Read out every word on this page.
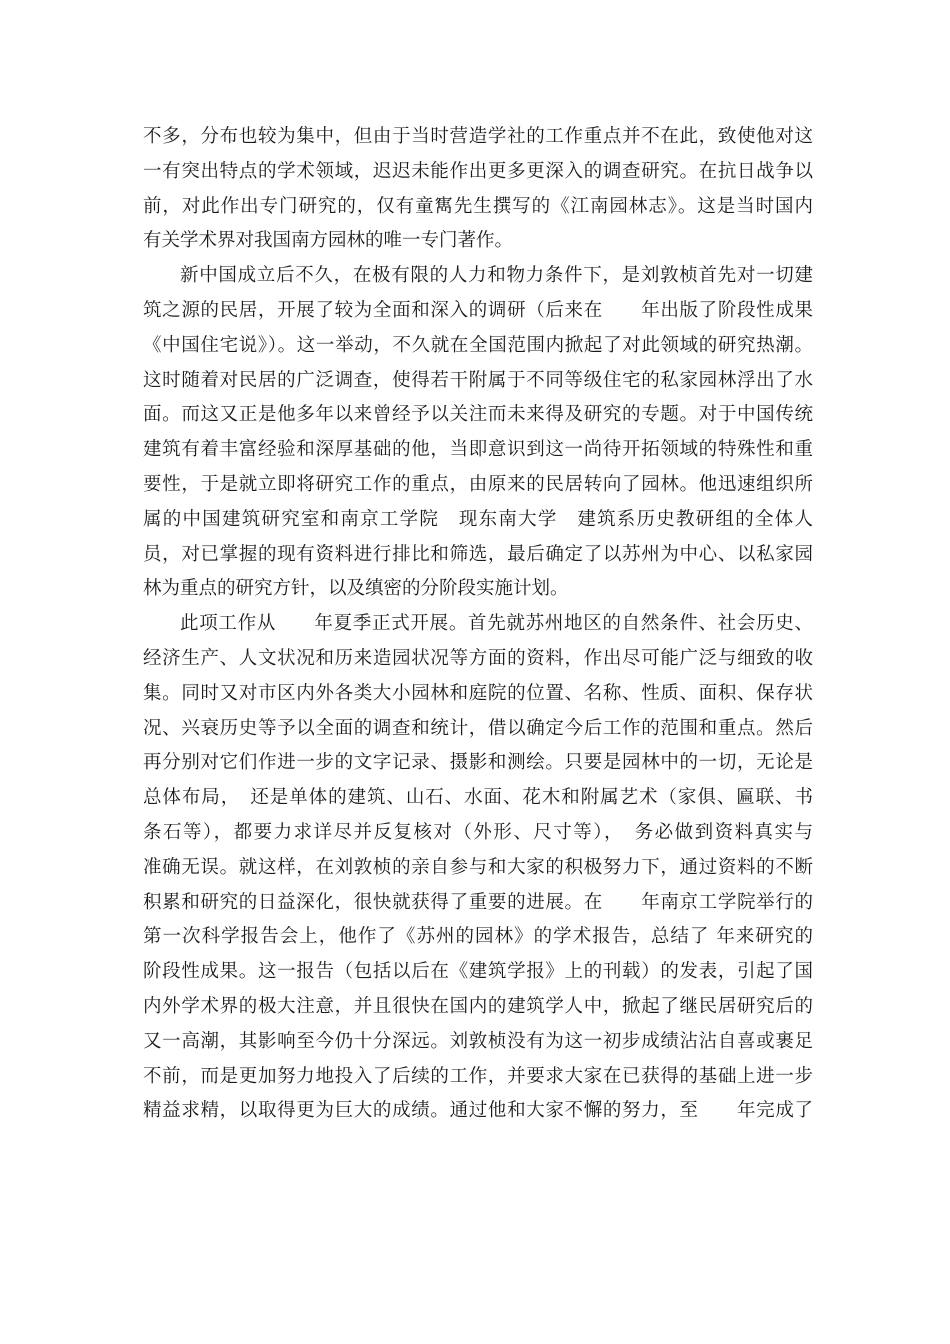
不多，分布也较为集中，但由于当时营造学社的工作重点并不在此，致使他对这
一有突出特点的学术领域，迟迟未能作出更多更深入的调查研究。在抗日战争以
前，对此作出专门研究的，仅有童寯先生撰写的《江南园林志》。这是当时国内
有关学术界对我国南方园林的唯一专门著作。
新中国成立后不久，在极有限的人力和物力条件下，是刘敦桢首先对一切建
筑之源的民居，开展了较为全面和深入的调研（后来在　　年出版了阶段性成果
《中国住宅说》）。这一举动，不久就在全国范围内掀起了对此领域的研究热潮。
这时随着对民居的广泛调查，使得若干附属于不同等级住宅的私家园林浮出了水
面。而这又正是他多年以来曾经予以关注而未来得及研究的专题。对于中国传统
建筑有着丰富经验和深厚基础的他，当即意识到这一尚待开拓领域的特殊性和重
要性，于是就立即将研究工作的重点，由原来的民居转向了园林。他迅速组织所
属的中国建筑研究室和南京工学院　现东南大学　建筑系历史教研组的全体人
员，对已掌握的现有资料进行排比和筛选，最后确定了以苏州为中心、以私家园
林为重点的研究方针，以及缜密的分阶段实施计划。
此项工作从　　年夏季正式开展。首先就苏州地区的自然条件、社会历史、
经济生产、人文状况和历来造园状况等方面的资料，作出尽可能广泛与细致的收
集。同时又对市区内外各类大小园林和庭院的位置、名称、性质、面积、保存状
况、兴衰历史等予以全面的调查和统计，借以确定今后工作的范围和重点。然后
再分别对它们作进一步的文字记录、摄影和测绘。只要是园林中的一切，无论是
总体布局，　还是单体的建筑、山石、水面、花木和附属艺术（家俱、匾联、书
条石等），都要力求详尽并反复核对（外形、尺寸等），　务必做到资料真实与
准确无误。就这样，在刘敦桢的亲自参与和大家的积极努力下，通过资料的不断
积累和研究的日益深化，很快就获得了重要的进展。在　　年南京工学院举行的
第一次科学报告会上，他作了《苏州的园林》的学术报告，总结了 年来研究的
阶段性成果。这一报告（包括以后在《建筑学报》上的刊载）的发表，引起了国
内外学术界的极大注意，并且很快在国内的建筑学人中，掀起了继民居研究后的
又一高潮，其影响至今仍十分深远。刘敦桢没有为这一初步成绩沾沾自喜或裹足
不前，而是更加努力地投入了后续的工作，并要求大家在已获得的基础上进一步
精益求精，以取得更为巨大的成绩。通过他和大家不懈的努力，至　　年完成了
